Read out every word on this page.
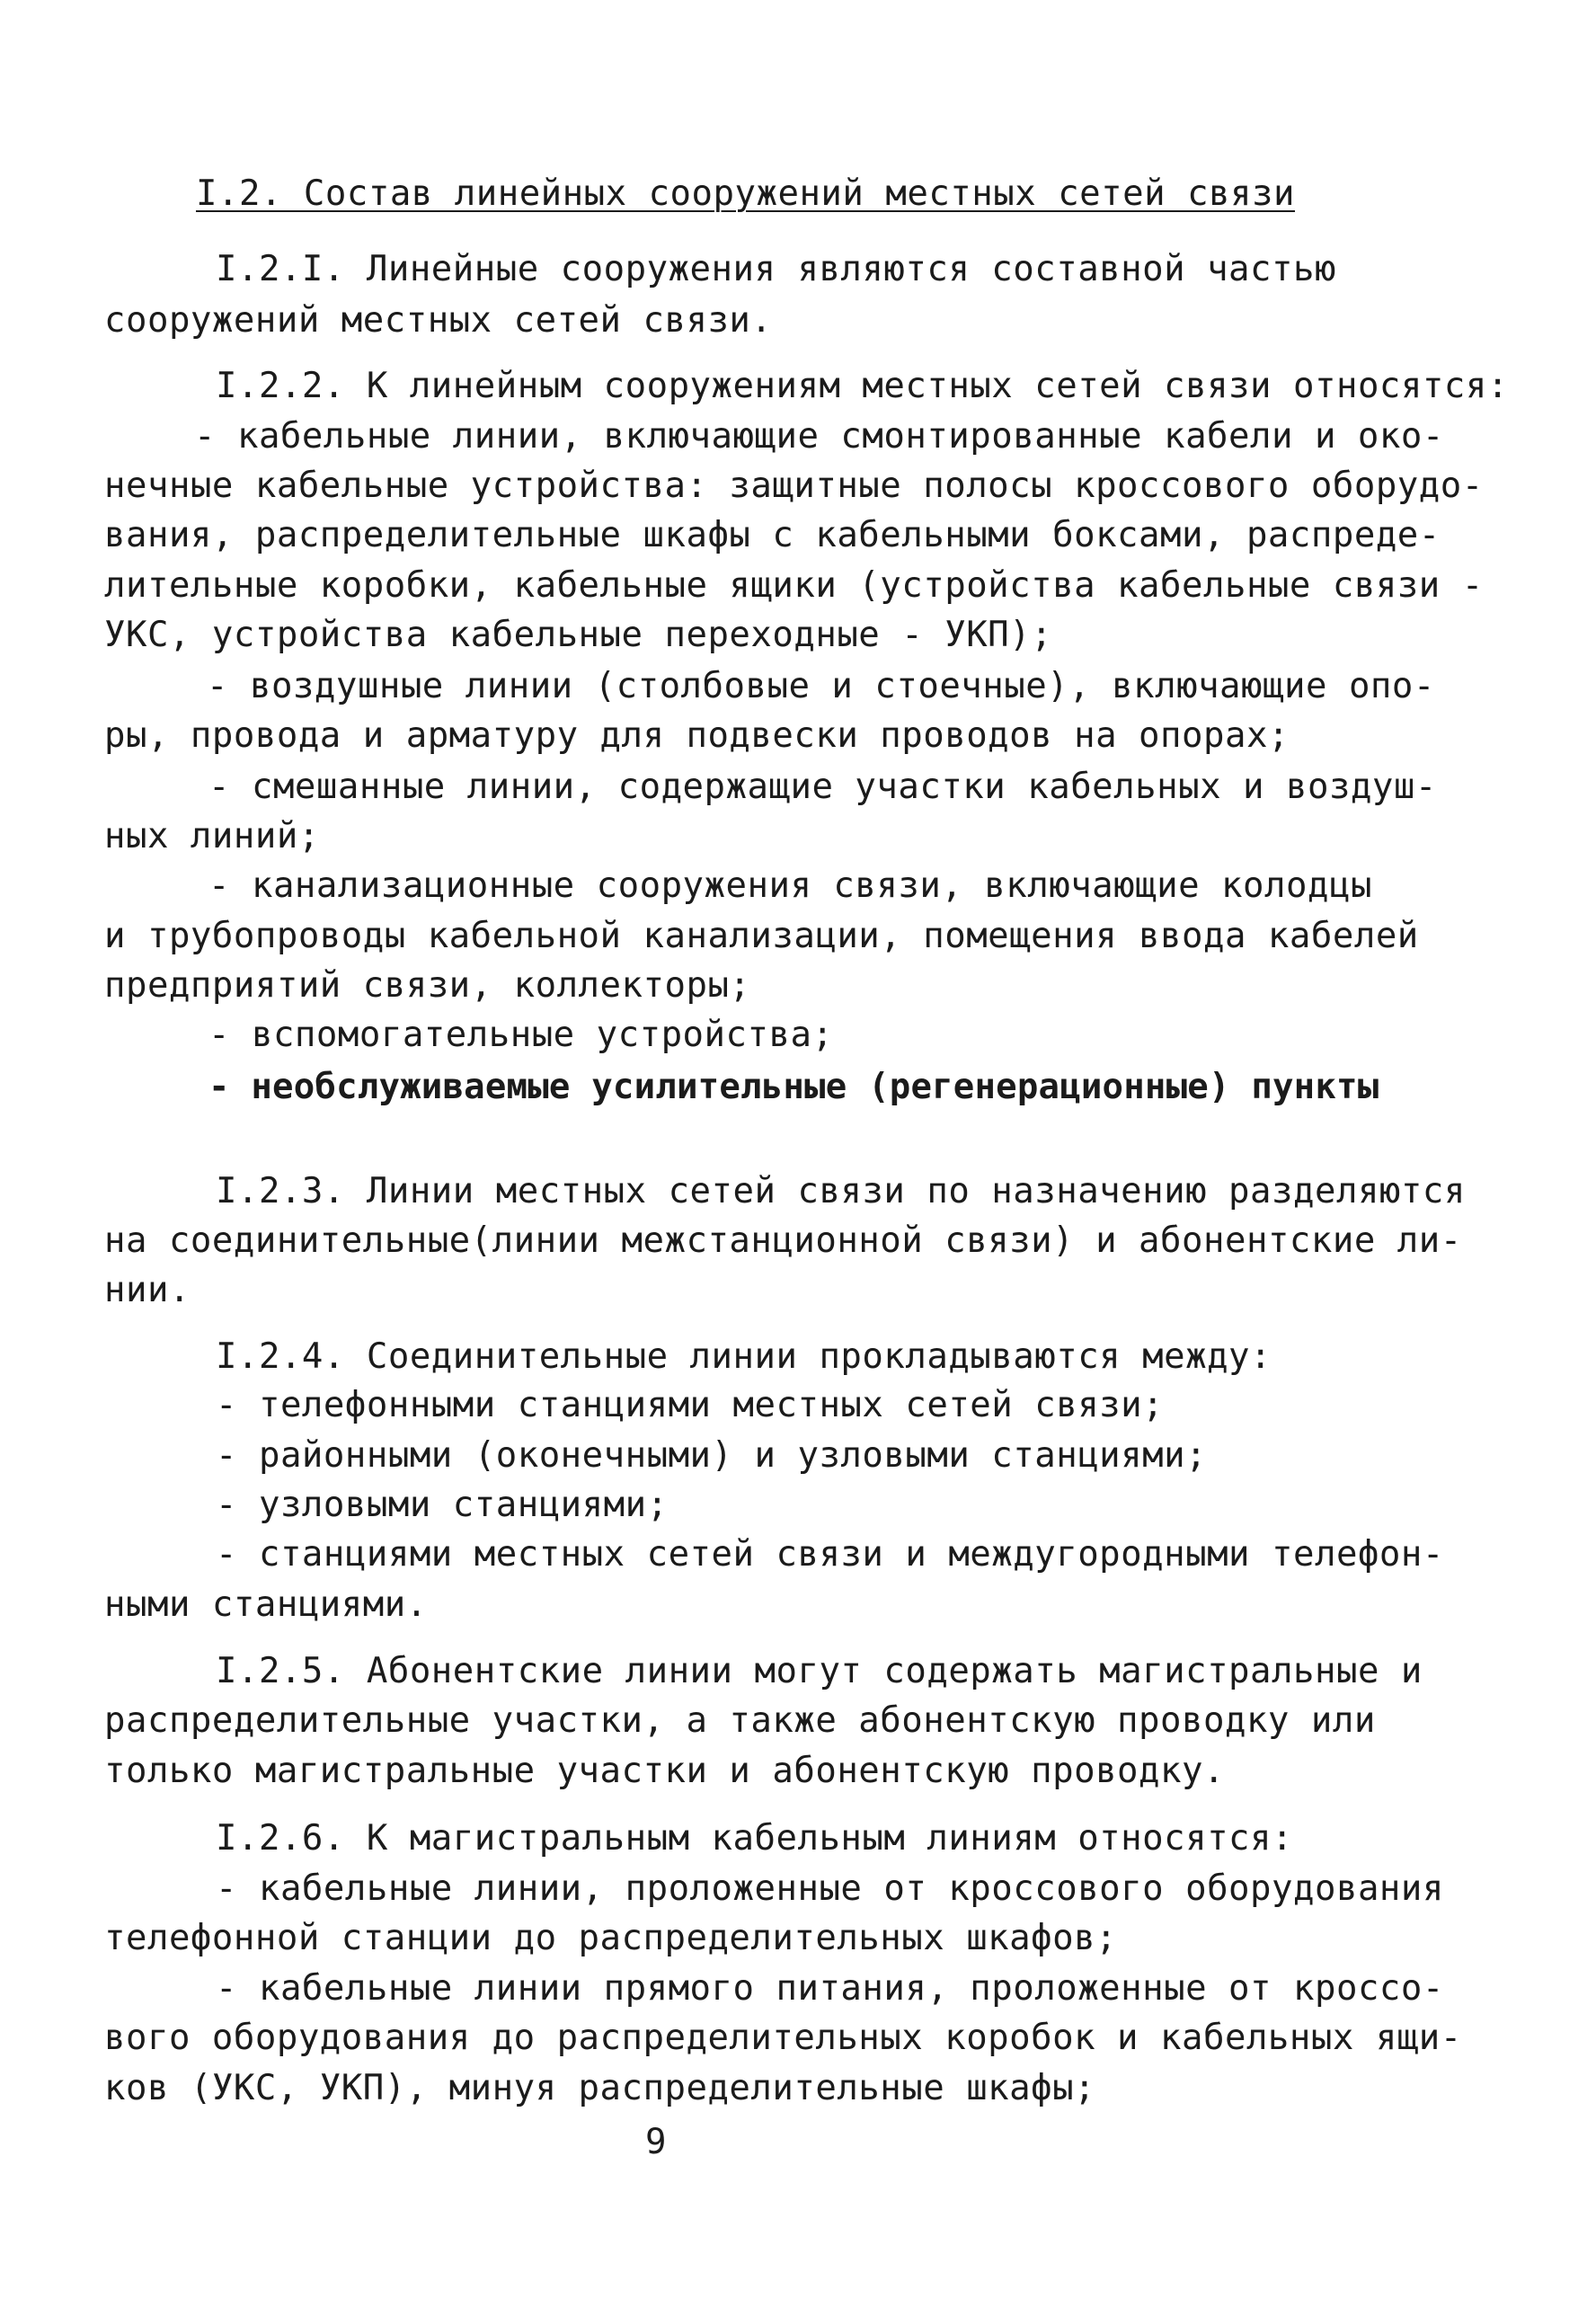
I.2. Состав линейных сооружений местных сетей связи
I.2.I. Линейные сооружения являются составной частью
сооружений местных сетей связи.
I.2.2. К линейным сооружениям местных сетей связи относятся:
- кабельные линии, включающие смонтированные кабели и око-
нечные кабельные устройства: защитные полосы кроссового оборудо-
вания, распределительные шкафы с кабельными боксами, распреде-
лительные коробки, кабельные ящики (устройства кабельные связи -
УКС, устройства кабельные переходные - УКП);
- воздушные линии (столбовые и стоечные), включающие опо-
ры, провода и арматуру для подвески проводов на опорах;
- смешанные линии, содержащие участки кабельных и воздуш-
ных линий;
- канализационные сооружения связи, включающие колодцы
и трубопроводы кабельной канализации, помещения ввода кабелей
предприятий связи, коллекторы;
- вспомогательные устройства;
- необслуживаемые усилительные (регенерационные) пункты
I.2.3. Линии местных сетей связи по назначению разделяются
на соединительные(линии межстанционной связи) и абонентские ли-
нии.
I.2.4. Соединительные линии прокладываются между:
- телефонными станциями местных сетей связи;
- районными (оконечными) и узловыми станциями;
- узловыми станциями;
- станциями местных сетей связи и междугородными телефон-
ными станциями.
I.2.5. Абонентские линии могут содержать магистральные и
распределительные участки, а также абонентскую проводку или
только магистральные участки и абонентскую проводку.
I.2.6. К магистральным кабельным линиям относятся:
- кабельные линии, проложенные от кроссового оборудования
телефонной станции до распределительных шкафов;
- кабельные линии прямого питания, проложенные от кроссо-
вого оборудования до распределительных коробок и кабельных ящи-
ков (УКС, УКП), минуя распределительные шкафы;
9
